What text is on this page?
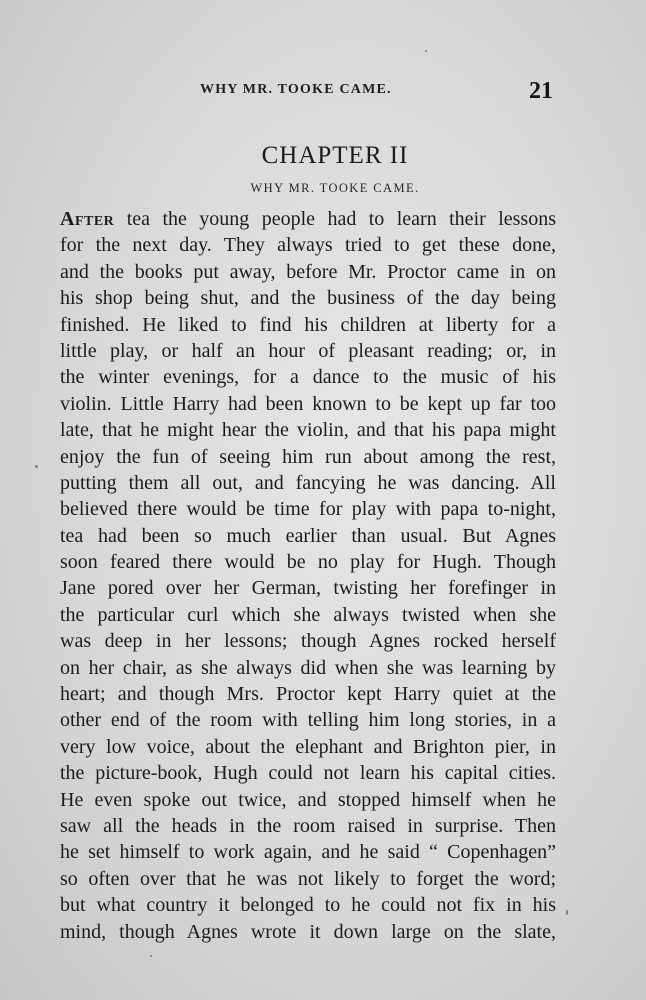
WHY MR. TOOKE CAME.	21
CHAPTER II
WHY MR. TOOKE CAME.
After tea the young people had to learn their lessons
for the next day. They always tried to get these done,
and the books put away, before Mr. Proctor came in on
his shop being shut, and the business of the day being
finished. He liked to find his children at liberty for a
little play, or half an hour of pleasant reading; or, in
the winter evenings, for a dance to the music of his
violin. Little Harry had been known to be kept up far too
late, that he might hear the violin, and that his papa might
enjoy the fun of seeing him run about among the rest,
putting them all out, and fancying he was dancing. All
believed there would be time for play with papa to-night,
tea had been so much earlier than usual. But Agnes
soon feared there would be no play for Hugh. Though
Jane pored over her German, twisting her forefinger in
the particular curl which she always twisted when she
was deep in her lessons; though Agnes rocked herself
on her chair, as she always did when she was learning by
heart; and though Mrs. Proctor kept Harry quiet at the
other end of the room with telling him long stories, in a
very low voice, about the elephant and Brighton pier, in
the picture-book, Hugh could not learn his capital cities.
He even spoke out twice, and stopped himself when he
saw all the heads in the room raised in surprise. Then
he set himself to work again, and he said “ Copenhagen”
so often over that he was not likely to forget the word;
but what country it belonged to he could not fix in his
mind, though Agnes wrote it down large on the slate,
